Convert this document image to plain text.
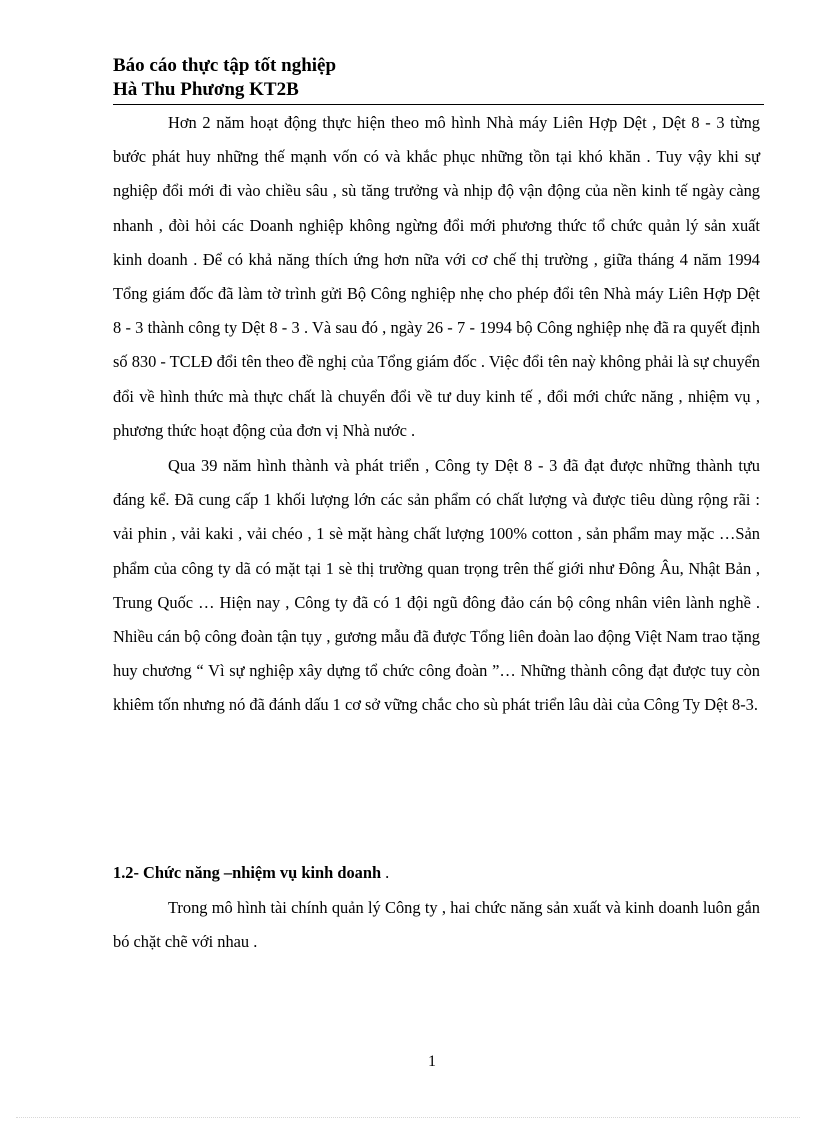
Báo cáo thực tập tốt nghiệp
Hà Thu Phương KT2B

Hơn 2 năm hoạt động thực hiện theo mô hình Nhà máy Liên Hợp Dệt , Dệt 8 - 3 từng bước phát huy những thế mạnh vốn có và khắc phục những tồn tại khó khăn . Tuy vậy khi sự nghiệp đổi mới đi vào chiều sâu , sù tăng trưởng và nhịp độ vận động của nền kinh tế ngày càng nhanh , đòi hỏi các Doanh nghiệp không ngừng đổi mới phương thức tổ chức quản lý sản xuất kinh doanh . Để có khả năng thích ứng hơn nữa với cơ chế thị trường , giữa tháng 4 năm 1994 Tổng giám đốc đã làm tờ trình gửi Bộ Công nghiệp nhẹ cho phép đổi tên Nhà máy Liên Hợp Dệt 8 - 3 thành công ty Dệt 8 - 3 . Và sau đó , ngày 26 - 7 - 1994 bộ Công nghiệp nhẹ đã ra quyết định số 830 - TCLĐ đổi tên theo đề nghị của Tổng giám đốc . Việc đổi tên naỳ không phải là sự chuyển đổi về hình thức mà thực chất là chuyển đổi về tư duy kinh tế , đổi mới chức năng , nhiệm vụ , phương thức hoạt động của đơn vị Nhà nước .

Qua 39 năm hình thành và phát triển , Công ty Dệt 8 - 3 đã đạt được những thành tựu đáng kể. Đã cung cấp 1 khối lượng lớn các sản phẩm có chất lượng và được tiêu dùng rộng rãi : vải phin , vải kaki , vải chéo , 1 sè mặt hàng chất lượng 100% cotton , sản phẩm may mặc …Sản phẩm của công ty dã có mặt tại 1 sè thị trường quan trọng trên thế giới như Đông Âu, Nhật Bản , Trung Quốc … Hiện nay , Công ty đã có 1 đội ngũ đông đảo cán bộ công nhân viên lành nghề . Nhiều cán bộ công đoàn tận tụy , gương mẫu đã được Tổng liên đoàn lao động Việt Nam trao tặng huy chương “ Vì sự nghiệp xây dựng tổ chức công đoàn ”… Những thành công đạt được tuy còn khiêm tốn nhưng nó đã đánh dấu 1 cơ sở vững chắc cho sù phát triển lâu dài của Công Ty Dệt 8-3.

1.2- Chức năng –nhiệm vụ kinh doanh .

Trong mô hình tài chính quản lý Công ty , hai chức năng sản xuất và kinh doanh luôn gắn bó chặt chẽ với nhau .

1
